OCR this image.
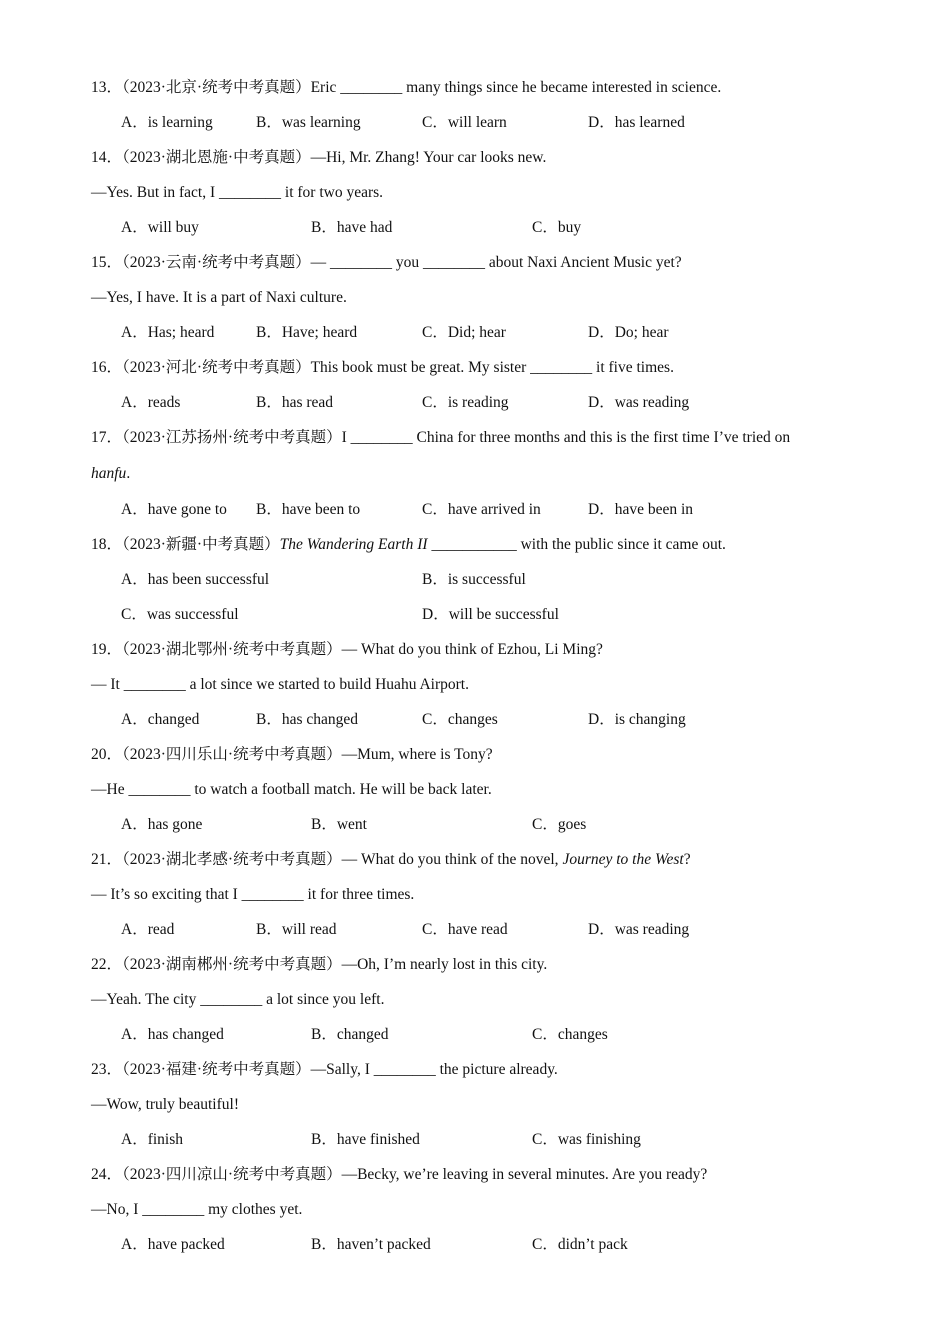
13．（2023·北京·统考中考真题）Eric ________ many things since he became interested in science.
A．is learning	B．was learning	C．will learn	D．has learned
14．（2023·湖北恩施·中考真题）—Hi, Mr. Zhang! Your car looks new.
—Yes. But in fact, I ________ it for two years.
A．will buy	B．have had	C．buy
15．（2023·云南·统考中考真题）— ________ you ________ about Naxi Ancient Music yet?
—Yes, I have. It is a part of Naxi culture.
A．Has; heard	B．Have; heard	C．Did; hear	D．Do; hear
16．（2023·河北·统考中考真题）This book must be great. My sister ________ it five times.
A．reads	B．has read	C．is reading	D．was reading
17．（2023·江苏扬州·统考中考真题）I ________ China for three months and this is the first time I’ve tried on
hanfu.
A．have gone to B．have been to	C．have arrived in	D．have been in
18．（2023·新疆·中考真题）The Wandering Earth II ___________ with the public since it came out.
A．has been successful	B．is successful
C．was successful	D．will be successful
19．（2023·湖北鄂州·统考中考真题）— What do you think of Ezhou, Li Ming?
— It ________ a lot since we started to build Huahu Airport.
A．changed	B．has changed	C．changes	D．is changing
20．（2023·四川乐山·统考中考真题）—Mum, where is Tony?
—He ________ to watch a football match. He will be back later.
A．has gone	B．went	C．goes
21．（2023·湖北孝感·统考中考真题）— What do you think of the novel, Journey to the West?
— It’s so exciting that I ________ it for three times.
A．read	B．will read	C．have read	D．was reading
22．（2023·湖南郴州·统考中考真题）—Oh, I’m nearly lost in this city.
—Yeah. The city ________ a lot since you left.
A．has changed	B．changed	C．changes
23．（2023·福建·统考中考真题）—Sally, I ________ the picture already.
—Wow, truly beautiful!
A．finish	B．have finished	C．was finishing
24．（2023·四川凉山·统考中考真题）—Becky, we’re leaving in several minutes. Are you ready?
—No, I ________ my clothes yet.
A．have packed	B．haven’t packed	C．didn’t pack
